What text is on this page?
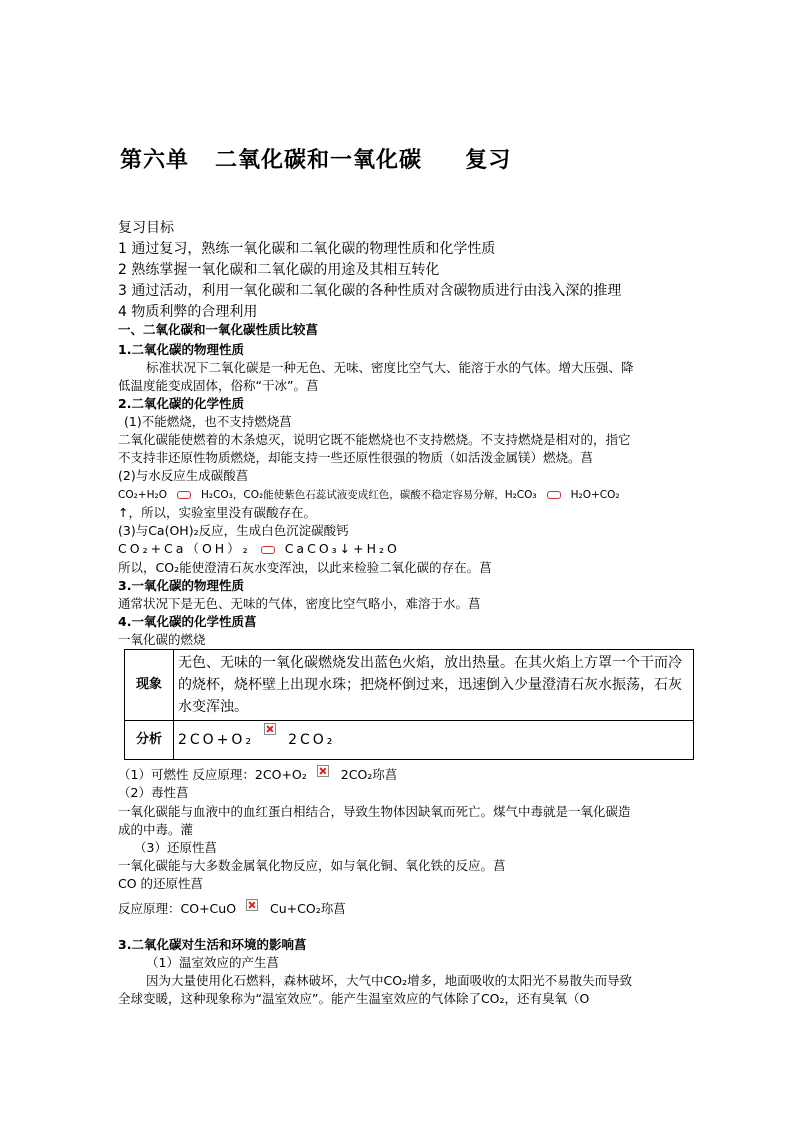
第六单   二氧化碳和一氧化碳     复习
复习目标
1 通过复习，熟练一氧化碳和二氧化碳的物理性质和化学性质
2 熟练掌握一氧化碳和二氧化碳的用途及其相互转化
3 通过活动，利用一氧化碳和二氧化碳的各种性质对含碳物质进行由浅入深的推理
4 物质利弊的合理利用
一、二氧化碳和一氧化碳性质比较菖
1.二氧化碳的物理性质
标准状况下二氧化碳是一种无色、无味、密度比空气大、能溶于水的气体。增大压强、降
低温度能变成固体，俗称“干冰”。菖
2.二氧化碳的化学性质
(1)不能燃烧，也不支持燃烧菖
二氧化碳能使燃着的木条熄灭，说明它既不能燃烧也不支持燃烧。不支持燃烧是相对的，指它
不支持非还原性物质燃烧，却能支持一些还原性很强的物质（如活泼金属镁）燃烧。菖
(2)与水反应生成碳酸菖
CO₂+H₂O	H₂CO₃，CO₂能使紫色石蕊试液变成红色，碳酸不稳定容易分解，H₂CO₃	H₂O+CO₂
↑，所以，实验室里没有碳酸存在。
(3)与Ca(OH)₂反应，生成白色沉淀碳酸钙
CO₂+Ca（OH）₂	CaCO₃↓+H₂O
所以，CO₂能使澄清石灰水变浑浊，以此来检验二氧化碳的存在。菖
3.一氧化碳的物理性质
通常状况下是无色、无味的气体，密度比空气略小，难溶于水。菖
4.一氧化碳的化学性质菖
一氧化碳的燃烧
现象	无色、无味的一氧化碳燃烧发出蓝色火焰，放出热量。在其火焰上方罩一个干而冷
的烧杯，烧杯壁上出现水珠；把烧杯倒过来，迅速倒入少量澄清石灰水振荡，石灰
水变浑浊。

分析	2CO+O₂ 2CO₂
（1）可燃性 反应原理：2CO+O₂	2CO₂珎菖
（2）毒性菖
一氧化碳能与血液中的血红蛋白相结合，导致生物体因缺氧而死亡。煤气中毒就是一氧化碳造
成的中毒。灌
（3）还原性菖
一氧化碳能与大多数金属氧化物反应，如与氧化铜、氧化铁的反应。菖
CO 的还原性菖
反应原理：CO+CuO	Cu+CO₂珎菖
3.二氧化碳对生活和环境的影响菖
（1）温室效应的产生菖
因为大量使用化石燃料，森林破坏，大气中CO₂增多，地面吸收的太阳光不易散失而导致
全球变暖，这种现象称为“温室效应”。能产生温室效应的气体除了CO₂，还有臭氧（O
